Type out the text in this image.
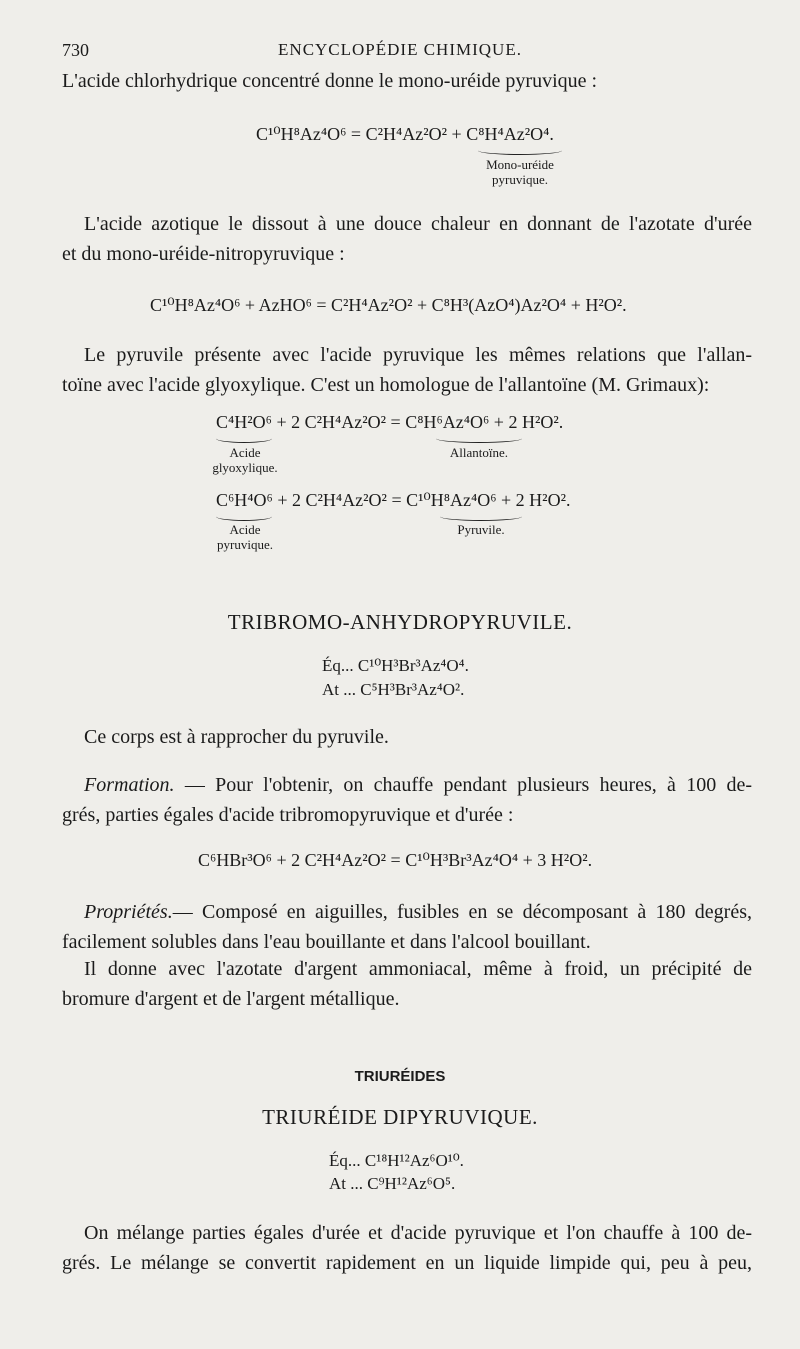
730	ENCYCLOPÉDIE CHIMIQUE.
L'acide chlorhydrique concentré donne le mono-uréide pyruvique :
C¹⁰H⁸Az⁴O⁶ = C²H⁴Az²O² + C⁸H⁴Az²O⁴.
Mono-uréide
pyruvique.
L'acide azotique le dissout à une douce chaleur en donnant de l'azotate d'urée
et du mono-uréide-nitropyruvique :
C¹⁰H⁸Az⁴O⁶ + AzHO⁶ = C²H⁴Az²O² + C⁸H³(AzO⁴)Az²O⁴ + H²O².
Le pyruvile présente avec l'acide pyruvique les mêmes relations que l'allan-
toïne avec l'acide glyoxylique. C'est un homologue de l'allantoïne (M. Grimaux):
C⁴H²O⁶ + 2 C²H⁴Az²O² = C⁸H⁶Az⁴O⁶ + 2 H²O².
Acide
glyoxylique.
Allantoïne.
C⁶H⁴O⁶ + 2 C²H⁴Az²O² = C¹⁰H⁸Az⁴O⁶ + 2 H²O².
Acide
pyruvique.
Pyruvile.
TRIBROMO-ANHYDROPYRUVILE.
Éq... C¹⁰H³Br³Az⁴O⁴.
At ... C⁵H³Br³Az⁴O².
Ce corps est à rapprocher du pyruvile.
Formation. — Pour l'obtenir, on chauffe pendant plusieurs heures, à 100 de-
grés, parties égales d'acide tribromopyruvique et d'urée :
C⁶HBr³O⁶ + 2 C²H⁴Az²O² = C¹⁰H³Br³Az⁴O⁴ + 3 H²O².
Propriétés.— Composé en aiguilles, fusibles en se décomposant à 180 degrés,
facilement solubles dans l'eau bouillante et dans l'alcool bouillant.
Il donne avec l'azotate d'argent ammoniacal, même à froid, un précipité de
bromure d'argent et de l'argent métallique.
TRIURÉIDES
TRIURÉIDE DIPYRUVIQUE.
Éq... C¹⁸H¹²Az⁶O¹⁰.
At ... C⁹H¹²Az⁶O⁵.
On mélange parties égales d'urée et d'acide pyruvique et l'on chauffe à 100 de-
grés. Le mélange se convertit rapidement en un liquide limpide qui, peu à peu,
